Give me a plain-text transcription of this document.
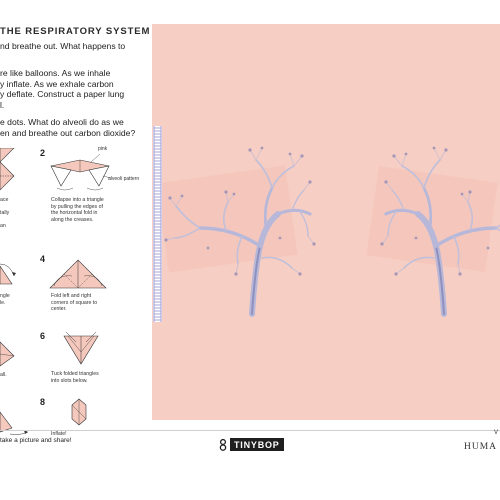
THE RESPIRATORY SYSTEM
nd breathe out. What happens to
re like balloons. As we inhale
y inflate. As we exhale carbon
y deflate. Construct a paper lung
l.
e dots. What do alveoli do as we
en and breathe out carbon dioxide?
ace

tally

an
2	pink
alveoli pattern
Collapse into a triangle
by pulling the edges of
the horizontal fold in
along the creases.
ngle
le.
4
Fold left and right
corners of square to
center.
all.
6
Tuck folded triangles
into slots below.
8
Inflate!
take a picture and share!	TINYBOP
V
HUMA
